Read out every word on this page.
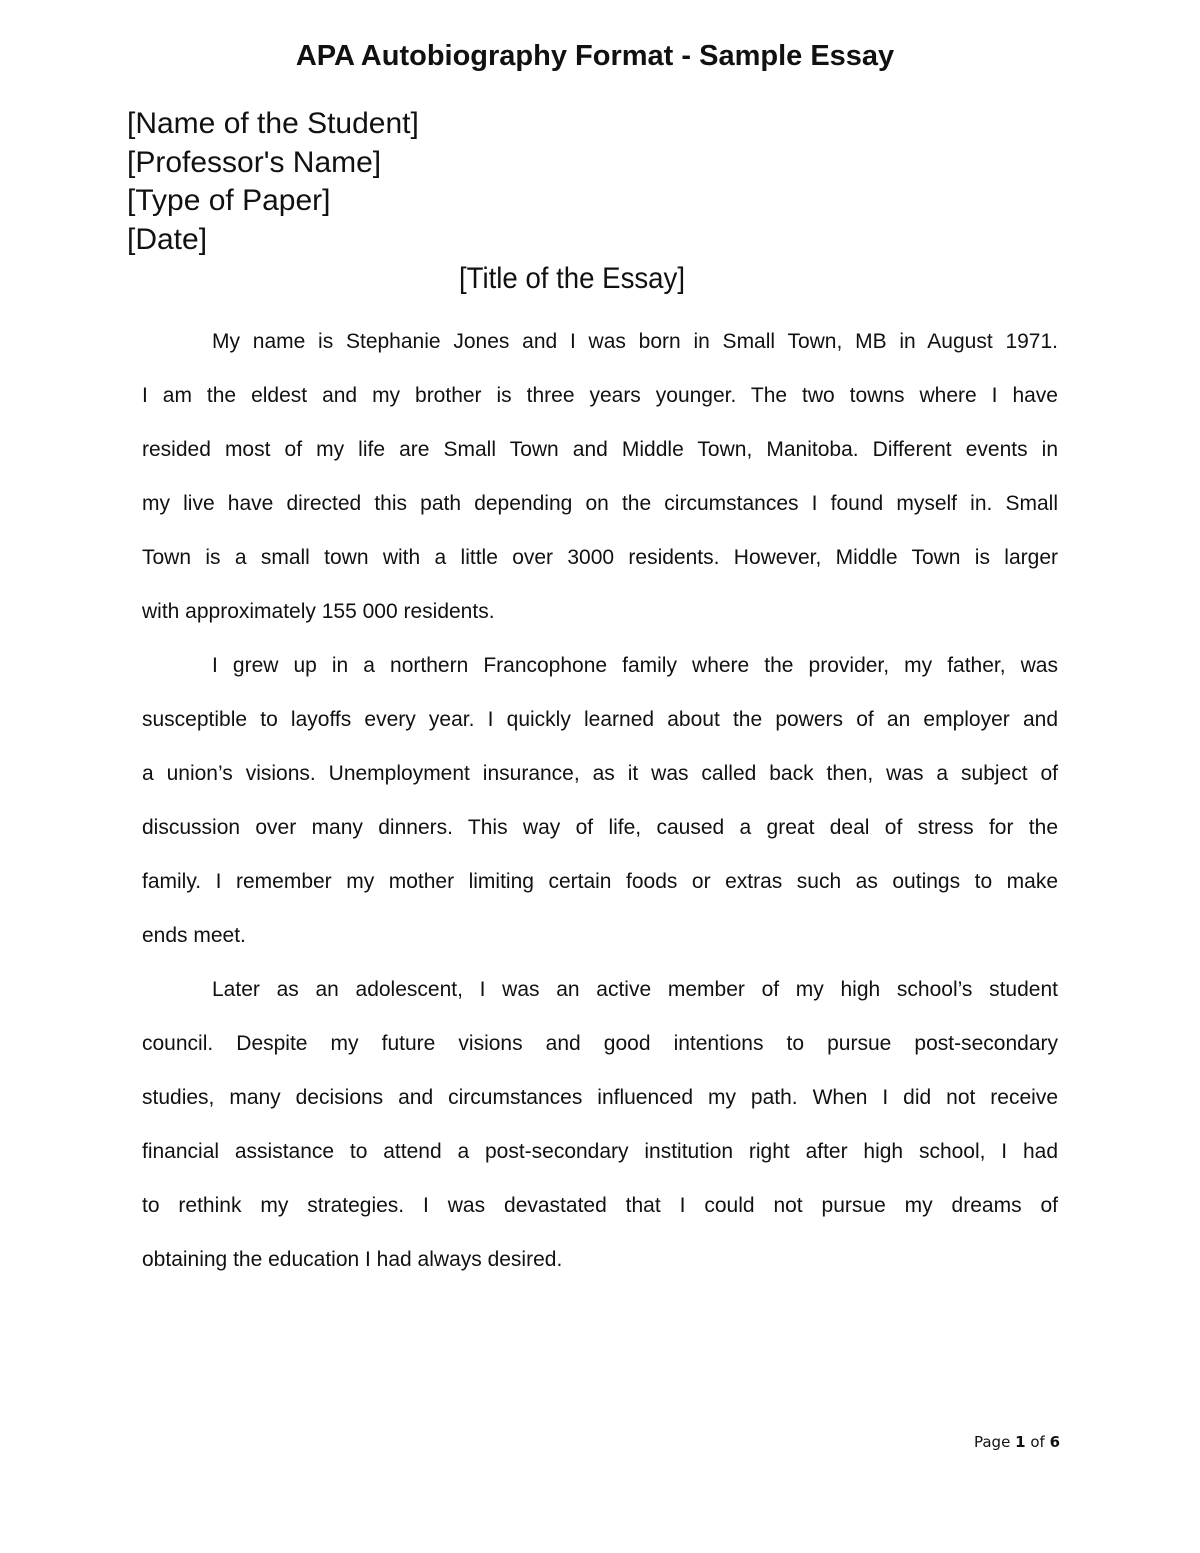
APA Autobiography Format - Sample Essay
[Name of the Student]
[Professor's Name]
[Type of Paper]
[Date]
[Title of the Essay]
My name is Stephanie Jones and I was born in Small Town, MB in August 1971.
I am the eldest and my brother is three years younger. The two towns where I have
resided most of my life are Small Town and Middle Town, Manitoba. Different events in
my live have directed this path depending on the circumstances I found myself in. Small
Town is a small town with a little over 3000 residents. However, Middle Town is larger
with approximately 155 000 residents.
I grew up in a northern Francophone family where the provider, my father, was
susceptible to layoffs every year. I quickly learned about the powers of an employer and
a union’s visions. Unemployment insurance, as it was called back then, was a subject of
discussion over many dinners. This way of life, caused a great deal of stress for the
family. I remember my mother limiting certain foods or extras such as outings to make
ends meet.
Later as an adolescent, I was an active member of my high school’s student
council. Despite my future visions and good intentions to pursue post-secondary
studies, many decisions and circumstances influenced my path. When I did not receive
financial assistance to attend a post-secondary institution right after high school, I had
to rethink my strategies. I was devastated that I could not pursue my dreams of
obtaining the education I had always desired.
Page 1 of 6
